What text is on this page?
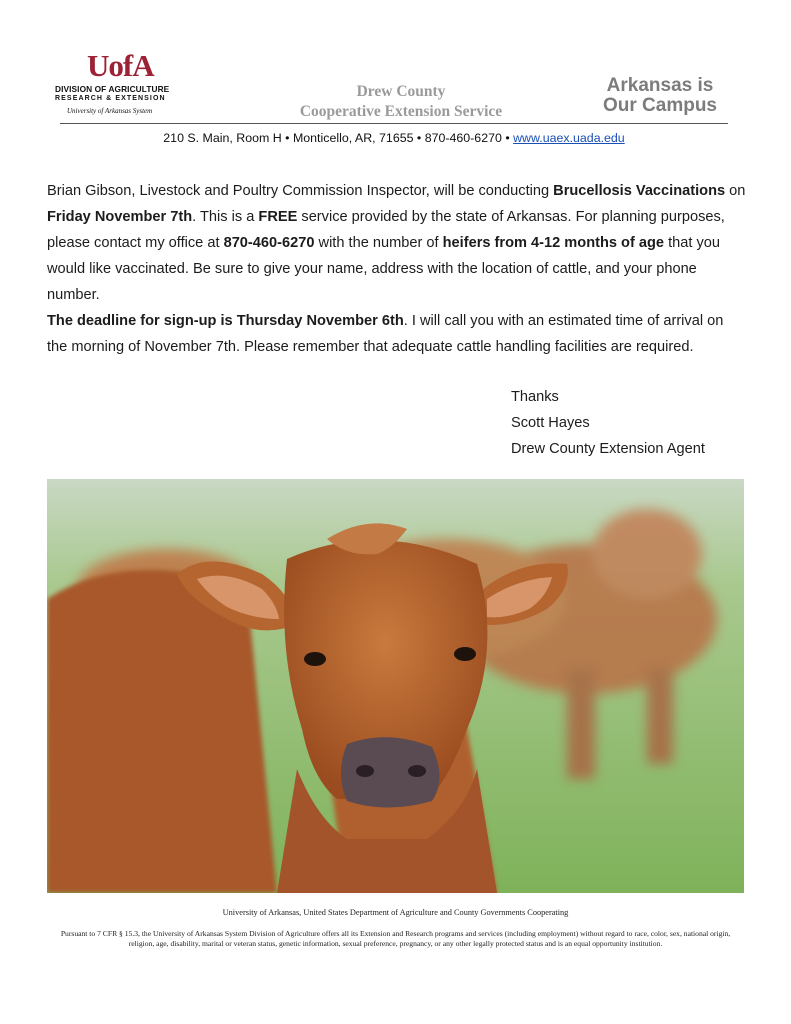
UofA
DIVISION OF AGRICULTURE
RESEARCH & EXTENSION
University of Arkansas System
Drew County
Cooperative Extension Service
Arkansas is
Our Campus
210 S. Main, Room H • Monticello, AR, 71655 • 870-460-6270 • www.uaex.uada.edu

Brian Gibson, Livestock and Poultry Commission Inspector, will be conducting Brucellosis Vaccinations on Friday November 7th. This is a FREE service provided by the state of Arkansas. For planning purposes, please contact my office at 870-460-6270 with the number of heifers from 4-12 months of age that you would like vaccinated. Be sure to give your name, address with the location of cattle, and your phone number.

The deadline for sign-up is Thursday November 6th. I will call you with an estimated time of arrival on the morning of November 7th. Please remember that adequate cattle handling facilities are required.

Thanks
Scott Hayes
Drew County Extension Agent
University of Arkansas, United States Department of Agriculture and County Governments Cooperating
Pursuant to 7 CFR § 15.3, the University of Arkansas System Division of Agriculture offers all its Extension and Research programs and services (including employment) without regard to race, color, sex, national origin, religion, age, disability, marital or veteran status, genetic information, sexual preference, pregnancy, or any other legally protected status and is an equal opportunity institution.
